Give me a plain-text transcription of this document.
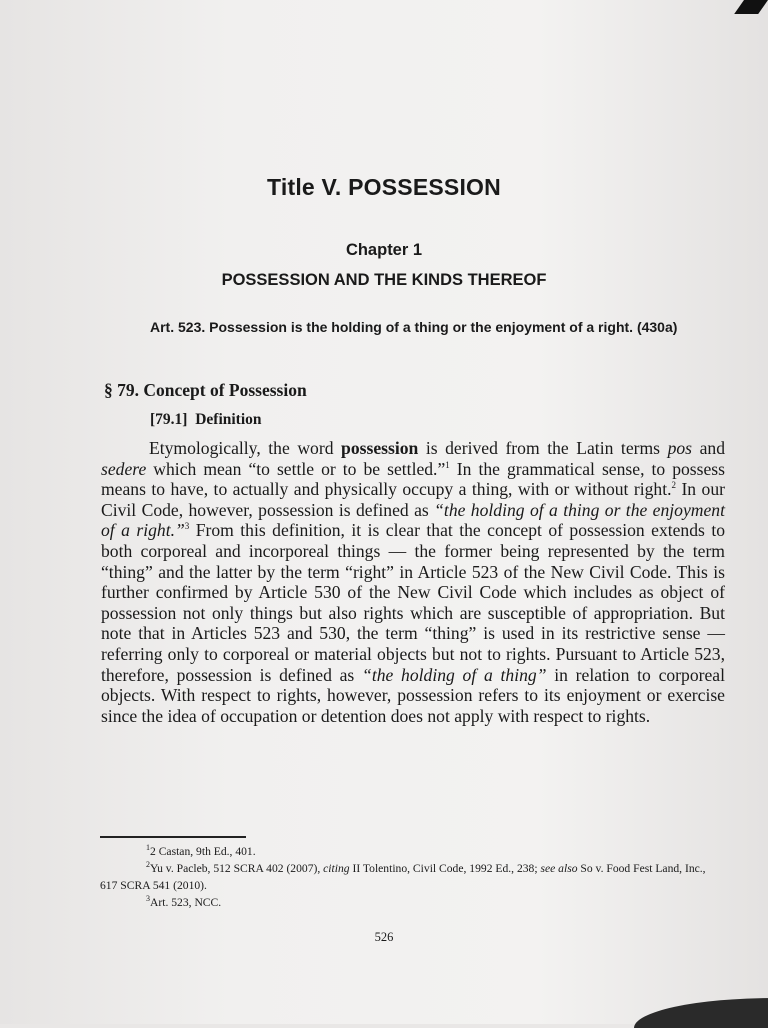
Title V. POSSESSION
Chapter 1
POSSESSION AND THE KINDS THEREOF
Art. 523. Possession is the holding of a thing or the enjoyment of a right. (430a)
§ 79. Concept of Possession
[79.1] Definition
Etymologically, the word possession is derived from the Latin terms pos and sedere which mean “to settle or to be settled.”$^1$ In the grammatical sense, to possess means to have, to actually and physically occupy a thing, with or without right.$^2$ In our Civil Code, however, possession is defined as “the holding of a thing or the enjoyment of a right.”$^3$ From this definition, it is clear that the concept of possession extends to both corporeal and incorporeal things — the former being represented by the term “thing” and the latter by the term “right” in Article 523 of the New Civil Code. This is further confirmed by Article 530 of the New Civil Code which includes as object of possession not only things but also rights which are susceptible of appropriation. But note that in Articles 523 and 530, the term “thing” is used in its restrictive sense — referring only to corporeal or material objects but not to rights. Pursuant to Article 523, therefore, possession is defined as “the holding of a thing” in relation to corporeal objects. With respect to rights, however, possession refers to its enjoyment or exercise since the idea of occupation or detention does not apply with respect to rights.

$^1$2 Castan, 9th Ed., 401.

$^2$Yu v. Pacleb, 512 SCRA 402 (2007), citing II Tolentino, Civil Code, 1992 Ed., 238; see also So v. Food Fest Land, Inc., 617 SCRA 541 (2010).

$^3$Art. 523, NCC.

526
